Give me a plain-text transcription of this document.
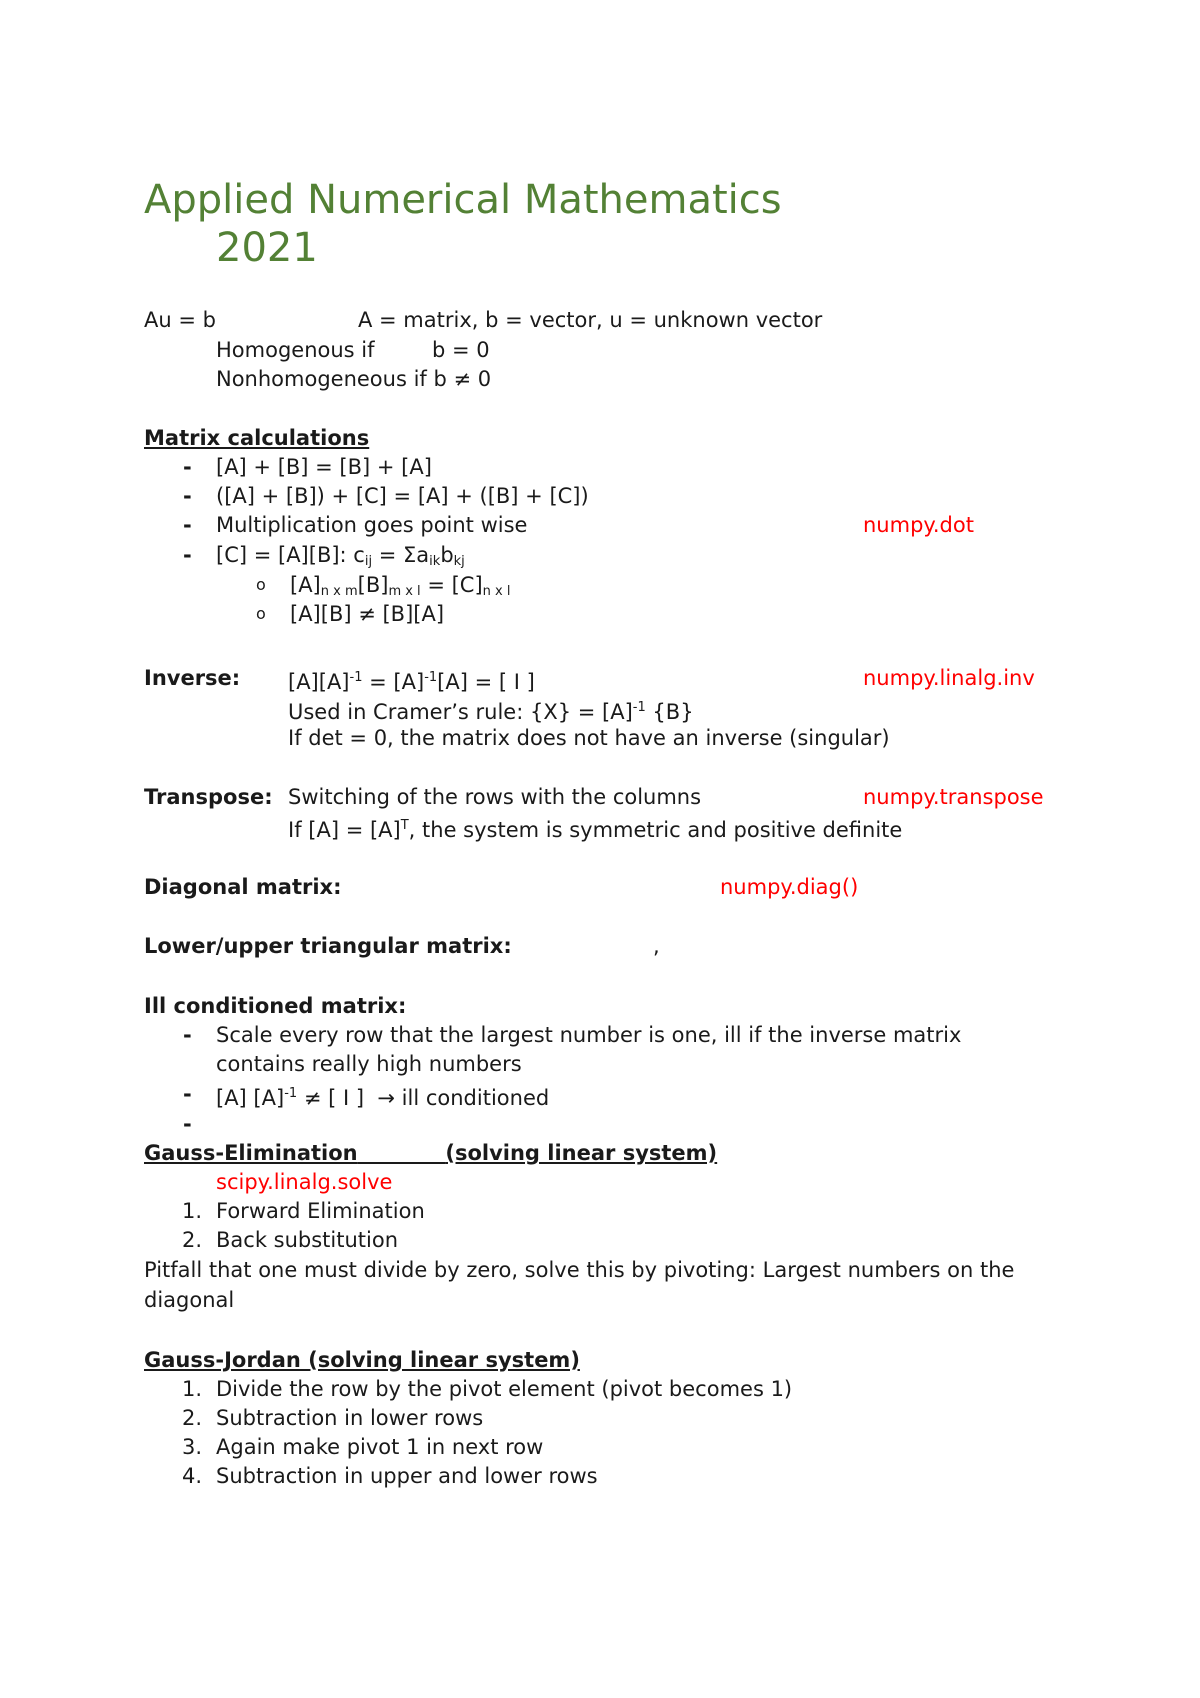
Applied Numerical Mathematics
2021
Au = b	A = matrix, b = vector, u = unknown vector
Homogenous if	b = 0
Nonhomogeneous if b ≠ 0
Matrix calculations
- [A] + [B] = [B] + [A]
- ([A] + [B]) + [C] = [A] + ([B] + [C])
- Multiplication goes point wise	numpy.dot
- [C] = [A][B]: $c_{ij} = \Sigma a_{ik}b_{kj}$
o $[A]_{n x m}[B]_{m x l} = [C]_{n x l}$
o [A][B] ≠ [B][A]
Inverse: $[A][A]^{-1} = [A]^{-1}[A]$ = [ I ]	numpy.linalg.inv
Used in Cramer’s rule: $\{X\} = [A]^{-1}$ {B}
If det = 0, the matrix does not have an inverse (singular)
Transpose: Switching of the rows with the columns	numpy.transpose
If $[A] = [A]^T$, the system is symmetric and positive definite
Diagonal matrix:	numpy.diag()
Lower/upper triangular matrix:	,
Ill conditioned matrix:
- Scale every row that the largest number is one, ill if the inverse matrix
contains really high numbers
- [A] $[A]^{-1}$ ≠ [ I ]  → ill conditioned
-
Gauss-Elimination	(solving linear system)
scipy.linalg.solve
1. Forward Elimination
2. Back substitution
Pitfall that one must divide by zero, solve this by pivoting: Largest numbers on the
diagonal
Gauss-Jordan (solving linear system)
1. Divide the row by the pivot element (pivot becomes 1)
2. Subtraction in lower rows
3. Again make pivot 1 in next row
4. Subtraction in upper and lower rows
